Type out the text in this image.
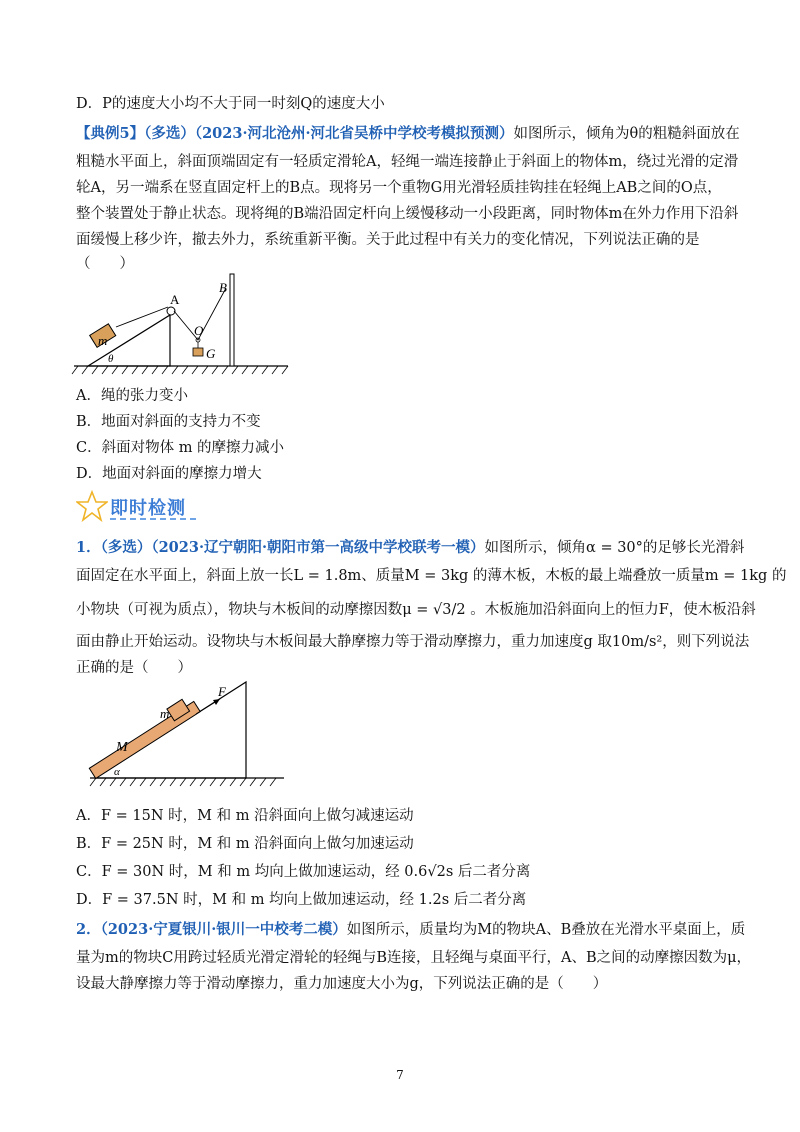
D．P的速度大小均不大于同一时刻Q的速度大小
【典例5】（多选）（2023·河北沧州·河北省吴桥中学校考模拟预测）如图所示，倾角为θ的粗糙斜面放在
粗糙水平面上，斜面顶端固定有一轻质定滑轮A，轻绳一端连接静止于斜面上的物体m，绕过光滑的定滑
轮A，另一端系在竖直固定杆上的B点。现将另一个重物G用光滑轻质挂钩挂在轻绳上AB之间的O点，
整个装置处于静止状态。现将绳的B端沿固定杆向上缓慢移动一小段距离，同时物体m在外力作用下沿斜
面缓慢上移少许，撤去外力，系统重新平衡。关于此过程中有关力的变化情况，下列说法正确的是
（　　）
m
θ
A
O
G
B
A．绳的张力变小
B．地面对斜面的支持力不变
C．斜面对物体 m 的摩擦力减小
D．地面对斜面的摩擦力增大
即时检测
1．（多选）（2023·辽宁朝阳·朝阳市第一高级中学校联考一模）如图所示，倾角α = 30°的足够长光滑斜
面固定在水平面上，斜面上放一长L = 1.8m、质量M = 3kg 的薄木板，木板的最上端叠放一质量m = 1kg 的
小物块（可视为质点），物块与木板间的动摩擦因数μ = √3/2 。木板施加沿斜面向上的恒力F，使木板沿斜
面由静止开始运动。设物块与木板间最大静摩擦力等于滑动摩擦力，重力加速度g 取10m/s²，则下列说法
正确的是（　　）
F
m
M
α
A．F = 15N 时，M 和 m 沿斜面向上做匀减速运动
B．F = 25N 时，M 和 m 沿斜面向上做匀加速运动
C．F = 30N 时，M 和 m 均向上做加速运动，经 0.6√2s 后二者分离
D．F = 37.5N 时，M 和 m 均向上做加速运动，经 1.2s 后二者分离
2．（2023·宁夏银川·银川一中校考二模）如图所示，质量均为M的物块A、B叠放在光滑水平桌面上，质
量为m的物块C用跨过轻质光滑定滑轮的轻绳与B连接，且轻绳与桌面平行，A、B之间的动摩擦因数为μ，
设最大静摩擦力等于滑动摩擦力，重力加速度大小为g，下列说法正确的是（　　）
7
